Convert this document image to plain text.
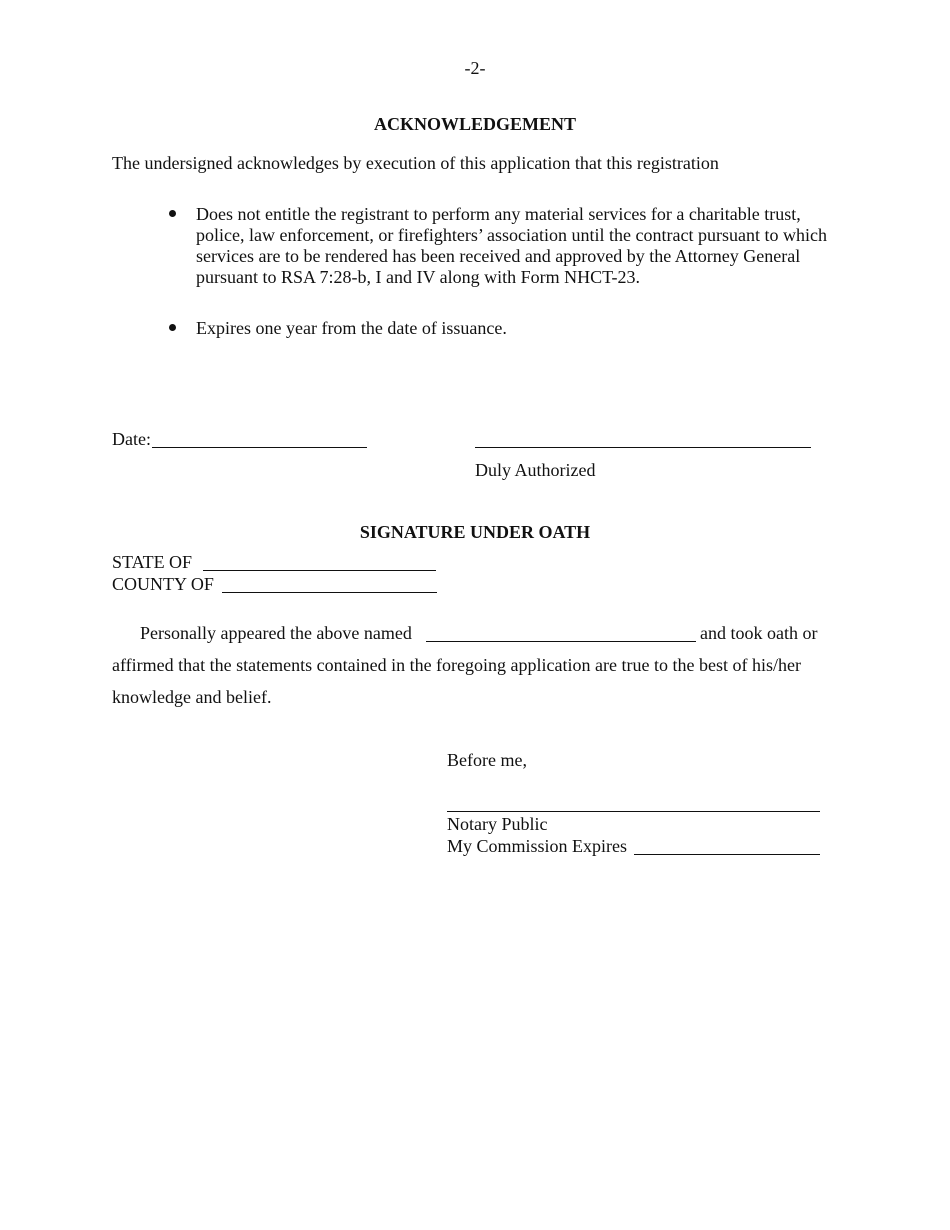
-2-
ACKNOWLEDGEMENT
The undersigned acknowledges by execution of this application that this registration
Does not entitle the registrant to perform any material services for a charitable trust, police, law enforcement, or firefighters’ association until the contract pursuant to which services are to be rendered has been received and approved by the Attorney General pursuant to RSA 7:28-b, I and IV along with Form NHCT-23.
Expires one year from the date of issuance.
Date:
Duly Authorized
SIGNATURE UNDER OATH
STATE OF
COUNTY OF
Personally appeared the above named	and took oath or
affirmed that the statements contained in the foregoing application are true to the best of his/her
knowledge and belief.
Before me,
Notary Public
My Commission Expires
